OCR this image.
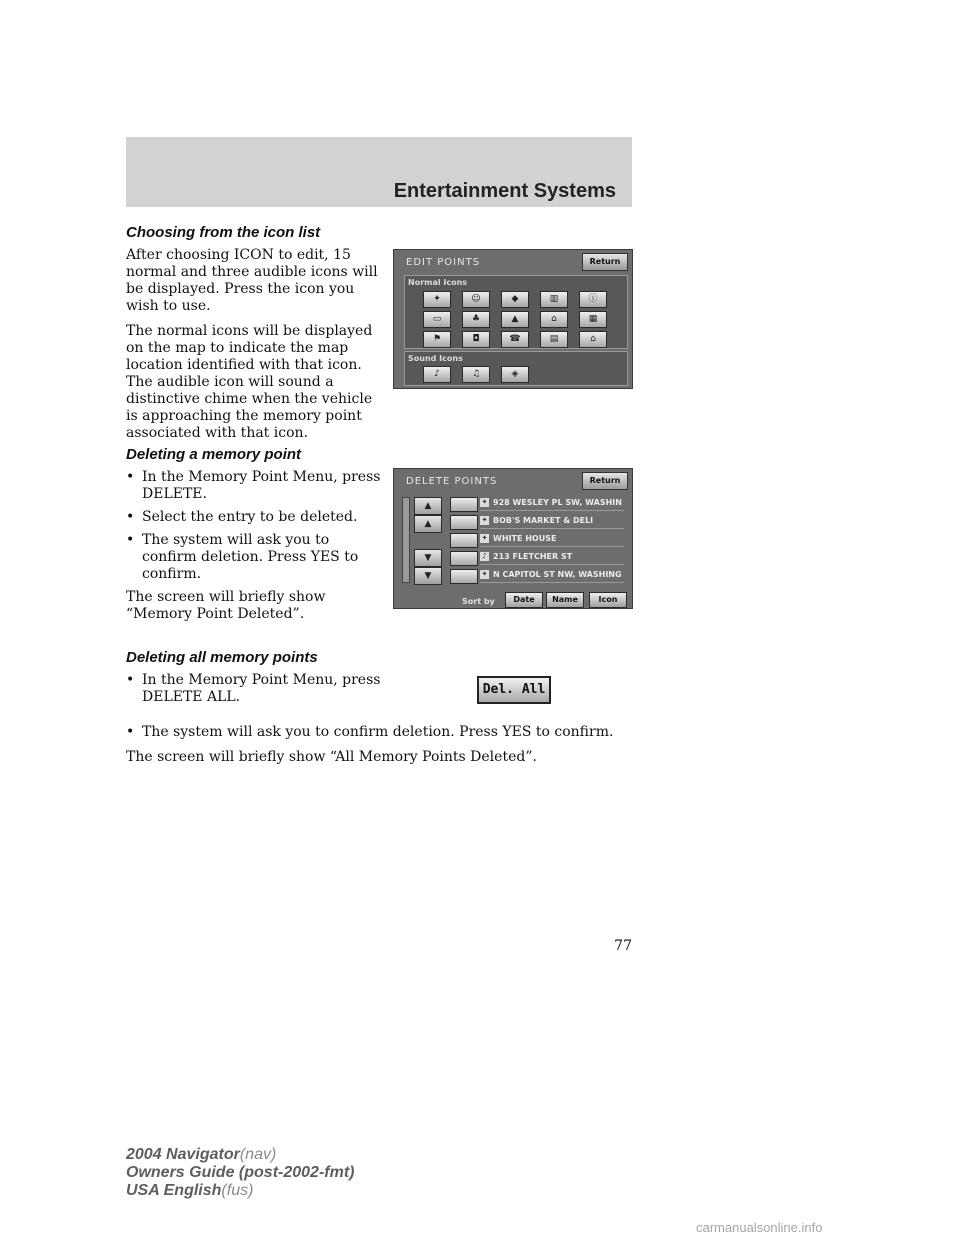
Entertainment Systems

Choosing from the icon list

After choosing ICON to edit, 15 normal and three audible icons will be displayed. Press the icon you wish to use.

The normal icons will be displayed on the map to indicate the map location identified with that icon. The audible icon will sound a distinctive chime when the vehicle is approaching the memory point associated with that icon.

EDIT POINTS	Return
Normal Icons
✦	☺	◆	▥	ⓘ
▭	♣	▲	⌂	▦
⚑	◘	☎	▤	⌂
Sound Icons
♪	♫	◈

Deleting a memory point

• In the Memory Point Menu, press DELETE.

• Select the entry to be deleted.

• The system will ask you to confirm deletion. Press YES to confirm.

The screen will briefly show “Memory Point Deleted”.

DELETE POINTS	Return
▲
▲
▼
▼
✦ 928 WESLEY PL SW, WASHIN
✦ BOB'S MARKET & DELI
✦ WHITE HOUSE
♪ 213 FLETCHER ST
✦ N CAPITOL ST NW, WASHING
Sort by	Date	Name	Icon

Deleting all memory points

• In the Memory Point Menu, press DELETE ALL.

• The system will ask you to confirm deletion. Press YES to confirm.

The screen will briefly show “All Memory Points Deleted”.

Del. All
77
2004 Navigator(nav)
Owners Guide (post-2002-fmt)
USA English(fus)
carmanualsonline.info
